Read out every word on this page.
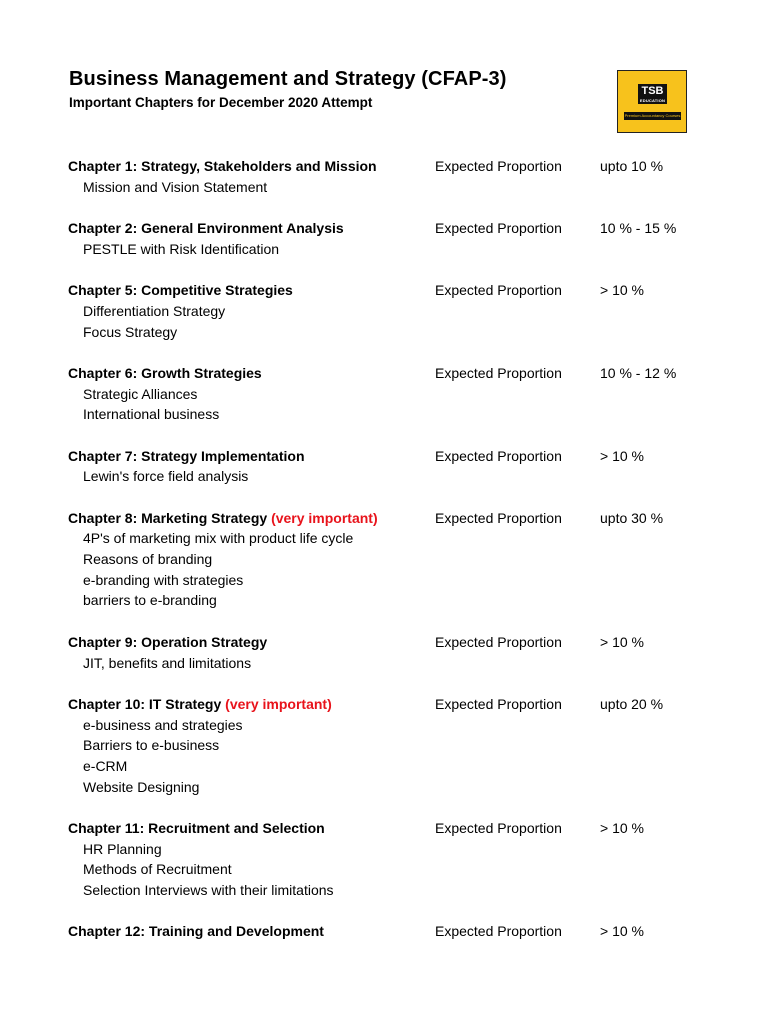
Business Management and Strategy (CFAP-3)
Important Chapters for December 2020 Attempt
TSB
EDUCATION
Premium Accountancy Courses
Chapter 1: Strategy, Stakeholders and Mission	Expected Proportion	upto 10 %
Mission and Vision Statement
Chapter 2: General Environment Analysis	Expected Proportion	10 % - 15 %
PESTLE with Risk Identification
Chapter 5: Competitive Strategies	Expected Proportion	> 10 %
Differentiation Strategy
Focus Strategy
Chapter 6: Growth Strategies	Expected Proportion	10 % - 12 %
Strategic Alliances
International business
Chapter 7: Strategy Implementation	Expected Proportion	> 10 %
Lewin's force field analysis
Chapter 8: Marketing Strategy (very important)	Expected Proportion	upto 30 %
4P's of marketing mix with product life cycle
Reasons of branding
e-branding with strategies
barriers to e-branding
Chapter 9: Operation Strategy	Expected Proportion	> 10 %
JIT, benefits and limitations
Chapter 10: IT Strategy (very important)	Expected Proportion	upto 20 %
e-business and strategies
Barriers to e-business
e-CRM
Website Designing
Chapter 11: Recruitment and Selection	Expected Proportion	> 10 %
HR Planning
Methods of Recruitment
Selection Interviews with their limitations
Chapter 12: Training and Development	Expected Proportion	> 10 %
